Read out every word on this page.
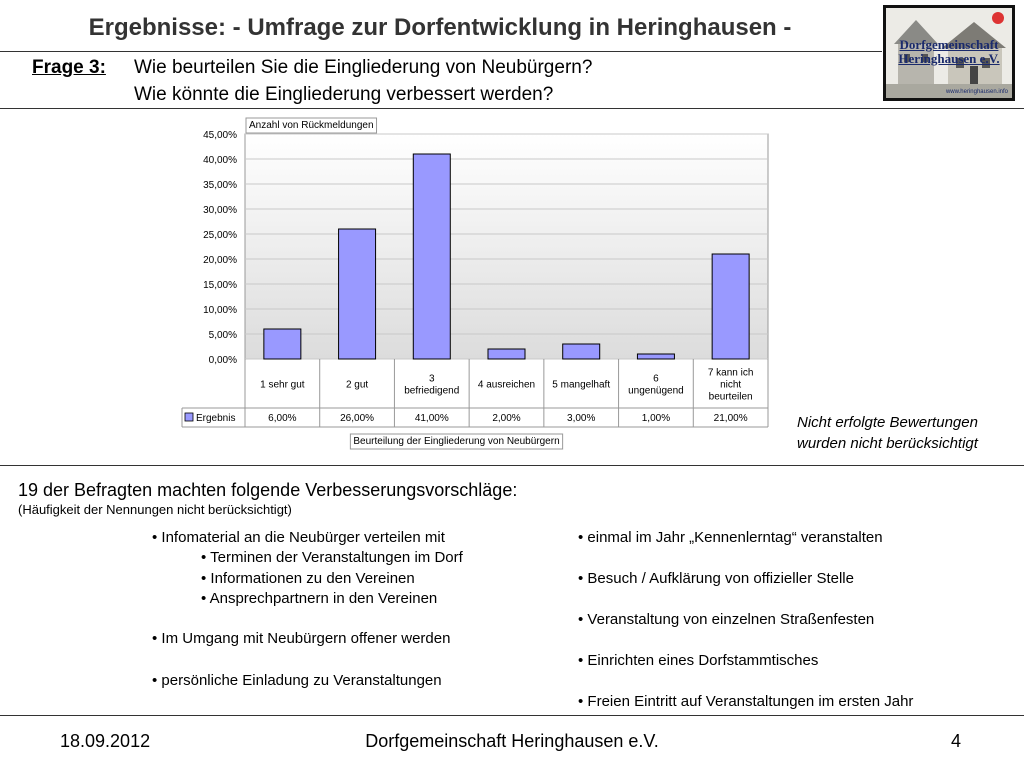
Ergebnisse: - Umfrage zur Dorfentwicklung in Heringhausen -
Dorfgemeinschaft
Heringhausen e.V.
www.heringhausen.info
Frage 3: Wie beurteilen Sie die Eingliederung von Neubürgern?
Wie könnte die Eingliederung verbessert werden?
0,00%
5,00%
10,00%
15,00%
20,00%
25,00%
30,00%
35,00%
40,00%
45,00%
Anzahl von Rückmeldungen
1 sehr gut
6,00%
2 gut
26,00%
3
befriedigend
41,00%
4 ausreichen
2,00%
5 mangelhaft
3,00%
6
ungenügend
1,00%
7 kann ich
nicht
beurteilen
21,00%
Ergebnis
Beurteilung der Eingliederung von Neubürgern
Nicht erfolgte Bewertungen
wurden nicht berücksichtigt
19 der Befragten machten folgende Verbesserungsvorschläge:
(Häufigkeit der Nennungen nicht berücksichtigt)
• Infomaterial an die Neubürger verteilen mit
• Terminen der Veranstaltungen im Dorf
• Informationen zu den Vereinen
• Ansprechpartnern in den Vereinen
• Im Umgang mit Neubürgern offener werden
• persönliche Einladung zu Veranstaltungen
• einmal im Jahr „Kennenlerntag“ veranstalten
• Besuch / Aufklärung von offizieller Stelle
• Veranstaltung von einzelnen Straßenfesten
• Einrichten eines Dorfstammtisches
• Freien Eintritt auf Veranstaltungen im ersten Jahr
18.09.2012	Dorfgemeinschaft Heringhausen e.V.	4
